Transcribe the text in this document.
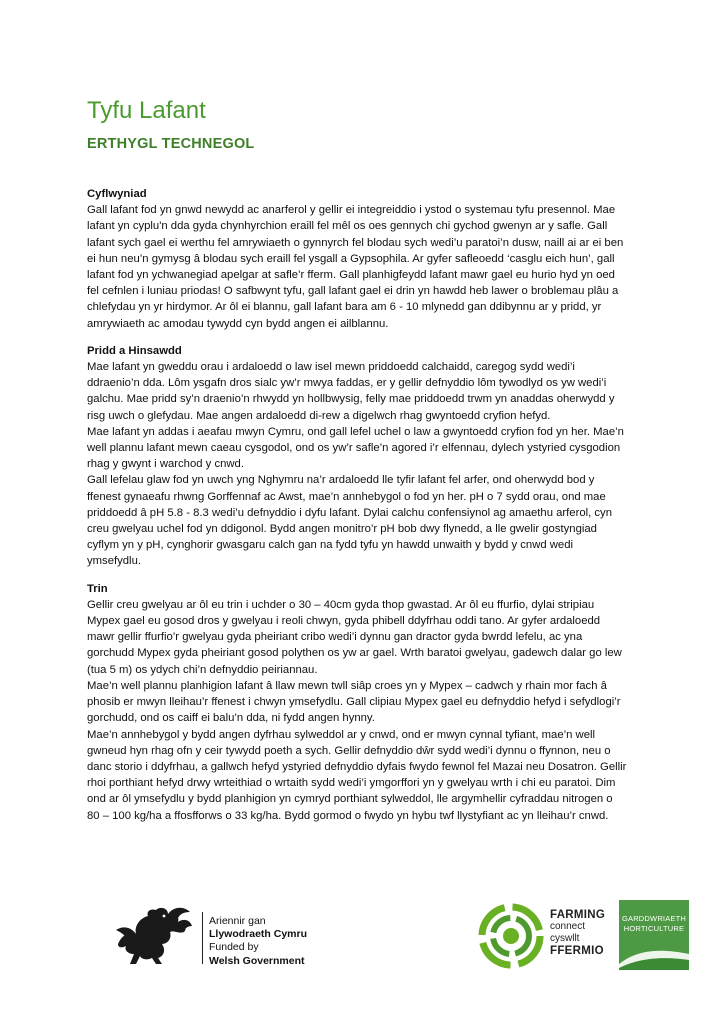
Tyfu Lafant
ERTHYGL TECHNEGOL
Cyflwyniad

Gall lafant fod yn gnwd newydd ac anarferol y gellir ei integreiddio i ystod o systemau tyfu presennol. Mae lafant yn cyplu'n dda gyda chynhyrchion eraill fel mêl os oes gennych chi gychod gwenyn ar y safle. Gall lafant sych gael ei werthu fel amrywiaeth o gynnyrch fel blodau sych wedi’u paratoi’n dusw, naill ai ar ei ben ei hun neu’n gymysg â blodau sych eraill fel ysgall a Gypsophila. Ar gyfer safleoedd ‘casglu eich hun’, gall lafant fod yn ychwanegiad apelgar at safle’r fferm. Gall planhigfeydd lafant mawr gael eu hurio hyd yn oed fel cefnlen i luniau priodas! O safbwynt tyfu, gall lafant gael ei drin yn hawdd heb lawer o broblemau plâu a chlefydau yn yr hirdymor. Ar ôl ei blannu, gall lafant bara am 6 - 10 mlynedd gan ddibynnu ar y pridd, yr amrywiaeth ac amodau tywydd cyn bydd angen ei ailblannu.

Pridd a Hinsawdd

Mae lafant yn gweddu orau i ardaloedd o law isel mewn priddoedd calchaidd, caregog sydd wedi’i ddraenio’n dda. Lôm ysgafn dros sialc yw’r mwya faddas, er y gellir defnyddio lôm tywodlyd os yw wedi’i galchu. Mae pridd sy’n draenio’n rhwydd yn hollbwysig, felly mae priddoedd trwm yn anaddas oherwydd y risg uwch o glefydau. Mae angen ardaloedd di-rew a digelwch rhag gwyntoedd cryfion hefyd.

Mae lafant yn addas i aeafau mwyn Cymru, ond gall lefel uchel o law a gwyntoedd cryfion fod yn her. Mae’n well plannu lafant mewn caeau cysgodol, ond os yw’r safle’n agored i’r elfennau, dylech ystyried cysgodion rhag y gwynt i warchod y cnwd.

Gall lefelau glaw fod yn uwch yng Nghymru na’r ardaloedd lle tyfir lafant fel arfer, ond oherwydd bod y ffenest gynaeafu rhwng Gorffennaf ac Awst, mae’n annhebygol o fod yn her. pH o 7 sydd orau, ond mae priddoedd â pH 5.8 - 8.3 wedi’u defnyddio i dyfu lafant. Dylai calchu confensiynol ag amaethu arferol, cyn creu gwelyau uchel fod yn ddigonol. Bydd angen monitro’r pH bob dwy flynedd, a lle gwelir gostyngiad cyflym yn y pH, cynghorir gwasgaru calch gan na fydd tyfu yn hawdd unwaith y bydd y cnwd wedi ymsefydlu.

Trin

Gellir creu gwelyau ar ôl eu trin i uchder o 30 – 40cm gyda thop gwastad. Ar ôl eu ffurfio, dylai stripiau Mypex gael eu gosod dros y gwelyau i reoli chwyn, gyda phibell ddyfrhau oddi tano. Ar gyfer ardaloedd mawr gellir ffurfio’r gwelyau gyda pheiriant cribo wedi’i dynnu gan dractor gyda bwrdd lefelu, ac yna gorchudd Mypex gyda pheiriant gosod polythen os yw ar gael. Wrth baratoi gwelyau, gadewch dalar go lew (tua 5 m) os ydych chi’n defnyddio peiriannau.

Mae’n well plannu planhigion lafant â llaw mewn twll siâp croes yn y Mypex – cadwch y rhain mor fach â phosib er mwyn lleihau’r ffenest i chwyn ymsefydlu. Gall clipiau Mypex gael eu defnyddio hefyd i sefydlogi’r gorchudd, ond os caiff ei balu’n dda, ni fydd angen hynny.

Mae’n annhebygol y bydd angen dyfrhau sylweddol ar y cnwd, ond er mwyn cynnal tyfiant, mae’n well gwneud hyn rhag ofn y ceir tywydd poeth a sych. Gellir defnyddio dŵr sydd wedi’i dynnu o ffynnon, neu o danc storio i ddyfrhau, a gallwch hefyd ystyried defnyddio dyfais fwydo fewnol fel Mazai neu Dosatron. Gellir rhoi porthiant hefyd drwy wrteithiad o wrtaith sydd wedi’i ymgorffori yn y gwelyau wrth i chi eu paratoi. Dim ond ar ôl ymsefydlu y bydd planhigion yn cymryd porthiant sylweddol, lle argymhellir cyfraddau nitrogen o 80 – 100 kg/ha a ffosfforws o 33 kg/ha. Bydd gormod o fwydo yn hybu twf llystyfiant ac yn lleihau’r cnwd.

Ariennir gan
Llywodraeth Cymru
Funded by
Welsh Government
FARMING
connect
cyswllt
FFERMIO
GARDDWRIAETH
HORTICULTURE
